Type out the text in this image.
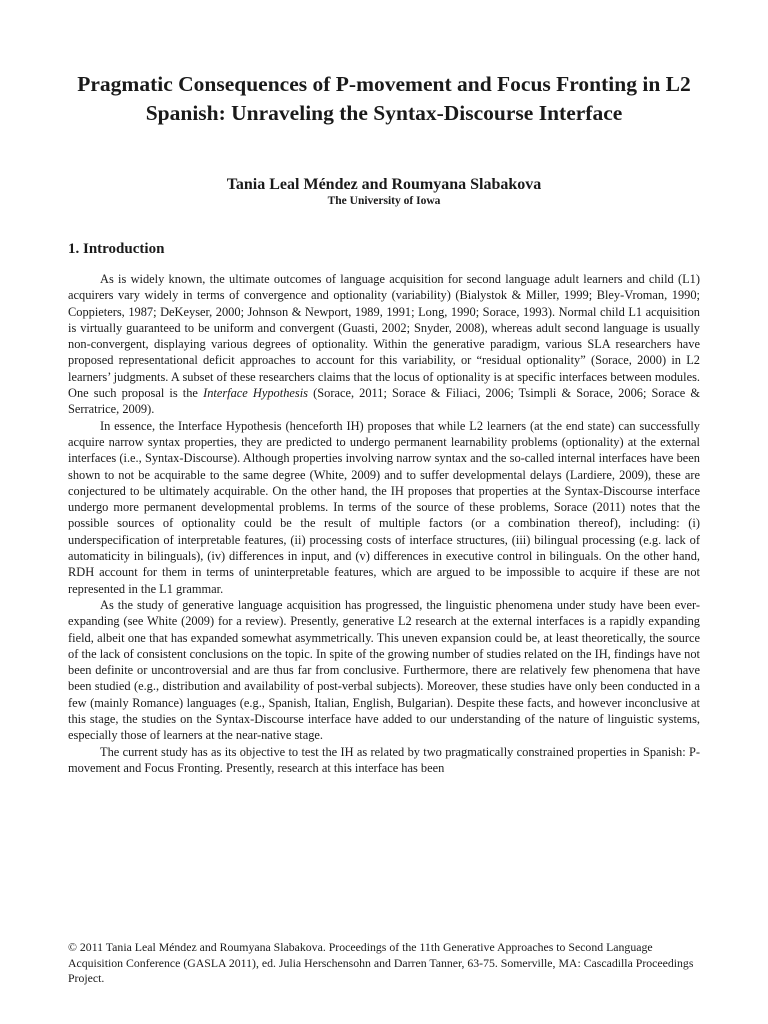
Pragmatic Consequences of P-movement and Focus Fronting in L2 Spanish: Unraveling the Syntax-Discourse Interface
Tania Leal Méndez and Roumyana Slabakova
The University of Iowa
1. Introduction

As is widely known, the ultimate outcomes of language acquisition for second language adult learners and child (L1) acquirers vary widely in terms of convergence and optionality (variability) (Bialystok & Miller, 1999; Bley-Vroman, 1990; Coppieters, 1987; DeKeyser, 2000; Johnson & Newport, 1989, 1991; Long, 1990; Sorace, 1993). Normal child L1 acquisition is virtually guaranteed to be uniform and convergent (Guasti, 2002; Snyder, 2008), whereas adult second language is usually non-convergent, displaying various degrees of optionality. Within the generative paradigm, various SLA researchers have proposed representational deficit approaches to account for this variability, or “residual optionality” (Sorace, 2000) in L2 learners’ judgments. A subset of these researchers claims that the locus of optionality is at specific interfaces between modules. One such proposal is the Interface Hypothesis (Sorace, 2011; Sorace & Filiaci, 2006; Tsimpli & Sorace, 2006; Sorace & Serratrice, 2009).

In essence, the Interface Hypothesis (henceforth IH) proposes that while L2 learners (at the end state) can successfully acquire narrow syntax properties, they are predicted to undergo permanent learnability problems (optionality) at the external interfaces (i.e., Syntax-Discourse). Although properties involving narrow syntax and the so-called internal interfaces have been shown to not be acquirable to the same degree (White, 2009) and to suffer developmental delays (Lardiere, 2009), these are conjectured to be ultimately acquirable. On the other hand, the IH proposes that properties at the Syntax-Discourse interface undergo more permanent developmental problems. In terms of the source of these problems, Sorace (2011) notes that the possible sources of optionality could be the result of multiple factors (or a combination thereof), including: (i) underspecification of interpretable features, (ii) processing costs of interface structures, (iii) bilingual processing (e.g. lack of automaticity in bilinguals), (iv) differences in input, and (v) differences in executive control in bilinguals. On the other hand, RDH account for them in terms of uninterpretable features, which are argued to be impossible to acquire if these are not represented in the L1 grammar.

As the study of generative language acquisition has progressed, the linguistic phenomena under study have been ever-expanding (see White (2009) for a review). Presently, generative L2 research at the external interfaces is a rapidly expanding field, albeit one that has expanded somewhat asymmetrically. This uneven expansion could be, at least theoretically, the source of the lack of consistent conclusions on the topic. In spite of the growing number of studies related on the IH, findings have not been definite or uncontroversial and are thus far from conclusive. Furthermore, there are relatively few phenomena that have been studied (e.g., distribution and availability of post-verbal subjects). Moreover, these studies have only been conducted in a few (mainly Romance) languages (e.g., Spanish, Italian, English, Bulgarian). Despite these facts, and however inconclusive at this stage, the studies on the Syntax-Discourse interface have added to our understanding of the nature of linguistic systems, especially those of learners at the near-native stage.

The current study has as its objective to test the IH as related by two pragmatically constrained properties in Spanish: P-movement and Focus Fronting. Presently, research at this interface has been

© 2011 Tania Leal Méndez and Roumyana Slabakova. Proceedings of the 11th Generative Approaches to Second Language Acquisition Conference (GASLA 2011), ed. Julia Herschensohn and Darren Tanner, 63-75. Somerville, MA: Cascadilla Proceedings Project.
